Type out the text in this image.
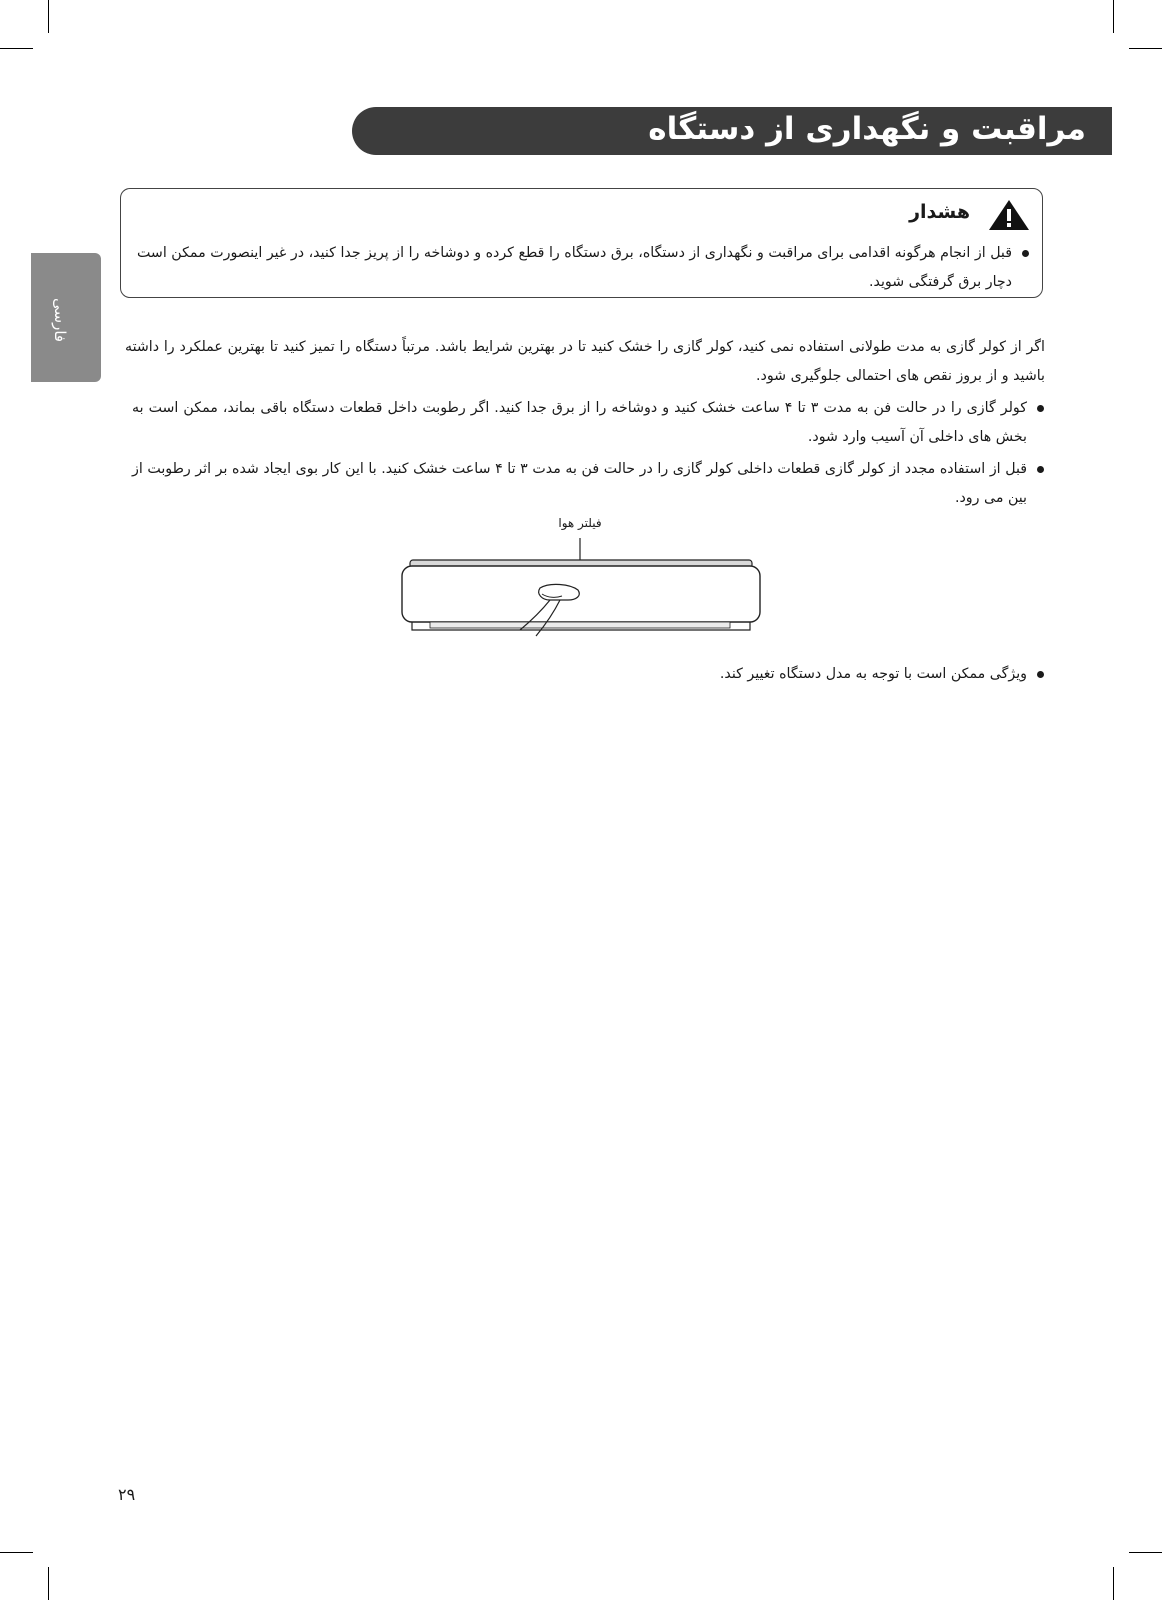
مراقبت و نگهداری از دستگاه
فارسی
هشدار
قبل از انجام هرگونه اقدامی برای مراقبت و نگهداری از دستگاه، برق دستگاه را قطع کرده و دوشاخه را از پریز جدا کنید، در غیر اینصورت ممکن است دچار برق گرفتگی شوید.
اگر از کولر گازی به مدت طولانی استفاده نمی کنید، کولر گازی را خشک کنید تا در بهترین شرایط باشد. مرتباً دستگاه را تمیز کنید تا بهترین عملکرد را داشته باشید و از بروز نقص های احتمالی جلوگیری شود.
کولر گازی را در حالت فن به مدت ۳ تا ۴ ساعت خشک کنید و دوشاخه را از برق جدا کنید. اگر رطوبت داخل قطعات دستگاه باقی بماند، ممکن است به بخش های داخلی آن آسیب وارد شود.
قبل از استفاده مجدد از کولر گازی قطعات داخلی کولر گازی را در حالت فن به مدت ۳ تا ۴ ساعت خشک کنید. با این کار بوی ایجاد شده بر اثر رطوبت از بین می رود.
فیلتر هوا
ویژگی ممکن است با توجه به مدل دستگاه تغییر کند.
۲۹
